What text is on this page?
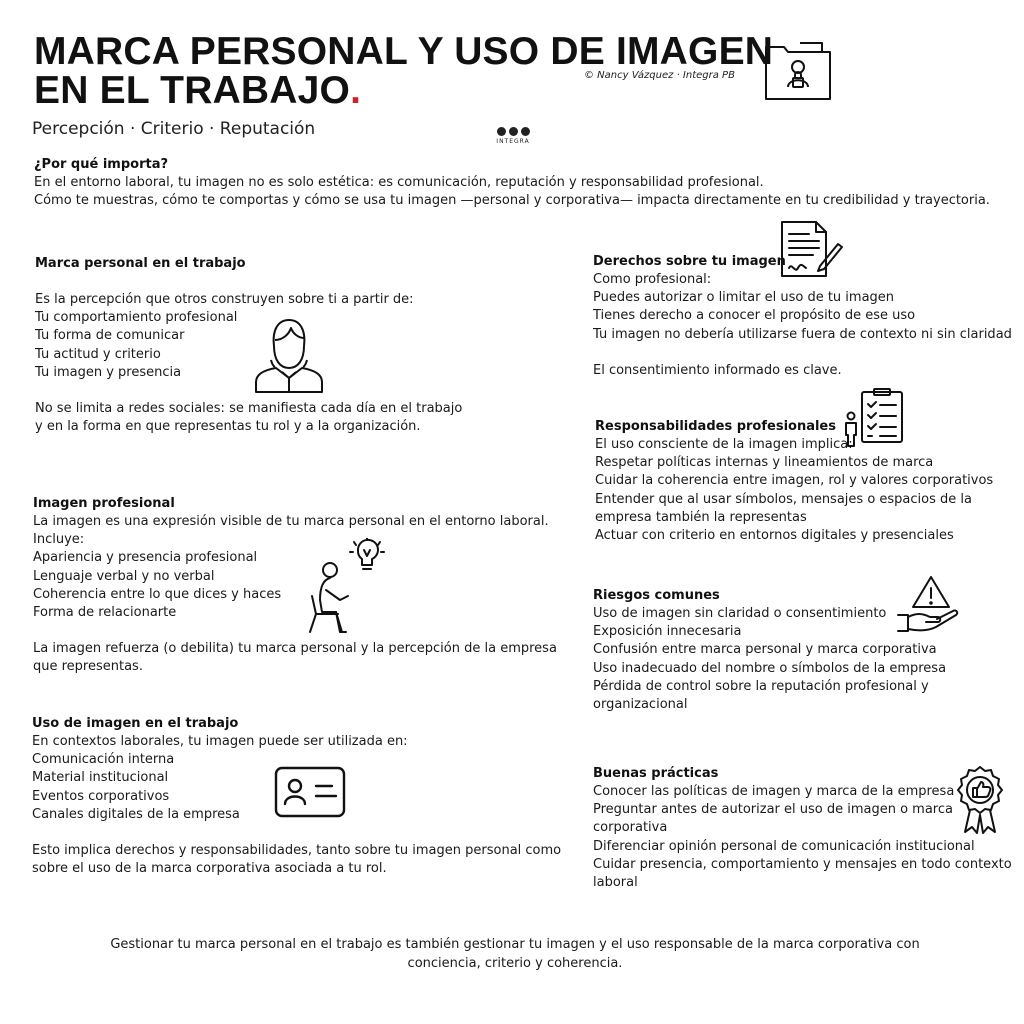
MARCA PERSONAL Y USO DE IMAGEN
EN EL TRABAJO.	© Nancy Vázquez · Integra PB
Percepción · Criterio · Reputación
INTEGRA
¿Por qué importa?

En el entorno laboral, tu imagen no es solo estética: es comunicación, reputación y responsabilidad profesional.

Cómo te muestras, cómo te comportas y cómo se usa tu imagen —personal y corporativa— impacta directamente en tu credibilidad y trayectoria.

Marca personal en el trabajo

Es la percepción que otros construyen sobre ti a partir de:

Tu comportamiento profesional

Tu forma de comunicar

Tu actitud y criterio

Tu imagen y presencia

No se limita a redes sociales: se manifiesta cada día en el trabajo

y en la forma en que representas tu rol y a la organización.

Imagen profesional

La imagen es una expresión visible de tu marca personal en el entorno laboral.

Incluye:

Apariencia y presencia profesional

Lenguaje verbal y no verbal

Coherencia entre lo que dices y haces

Forma de relacionarte

La imagen refuerza (o debilita) tu marca personal y la percepción de la empresa

que representas.

Uso de imagen en el trabajo

En contextos laborales, tu imagen puede ser utilizada en:

Comunicación interna

Material institucional

Eventos corporativos

Canales digitales de la empresa

Esto implica derechos y responsabilidades, tanto sobre tu imagen personal como

sobre el uso de la marca corporativa asociada a tu rol.

Derechos sobre tu imagen

Como profesional:

Puedes autorizar o limitar el uso de tu imagen

Tienes derecho a conocer el propósito de ese uso

Tu imagen no debería utilizarse fuera de contexto ni sin claridad

El consentimiento informado es clave.

Responsabilidades profesionales

El uso consciente de la imagen implica:

Respetar políticas internas y lineamientos de marca

Cuidar la coherencia entre imagen, rol y valores corporativos

Entender que al usar símbolos, mensajes o espacios de la

empresa también la representas

Actuar con criterio en entornos digitales y presenciales

Riesgos comunes

Uso de imagen sin claridad o consentimiento

Exposición innecesaria

Confusión entre marca personal y marca corporativa

Uso inadecuado del nombre o símbolos de la empresa

Pérdida de control sobre la reputación profesional y

organizacional

Buenas prácticas

Conocer las políticas de imagen y marca de la empresa

Preguntar antes de autorizar el uso de imagen o marca

corporativa

Diferenciar opinión personal de comunicación institucional

Cuidar presencia, comportamiento y mensajes en todo contexto

laboral

Gestionar tu marca personal en el trabajo es también gestionar tu imagen y el uso responsable de la marca corporativa con
conciencia, criterio y coherencia.
